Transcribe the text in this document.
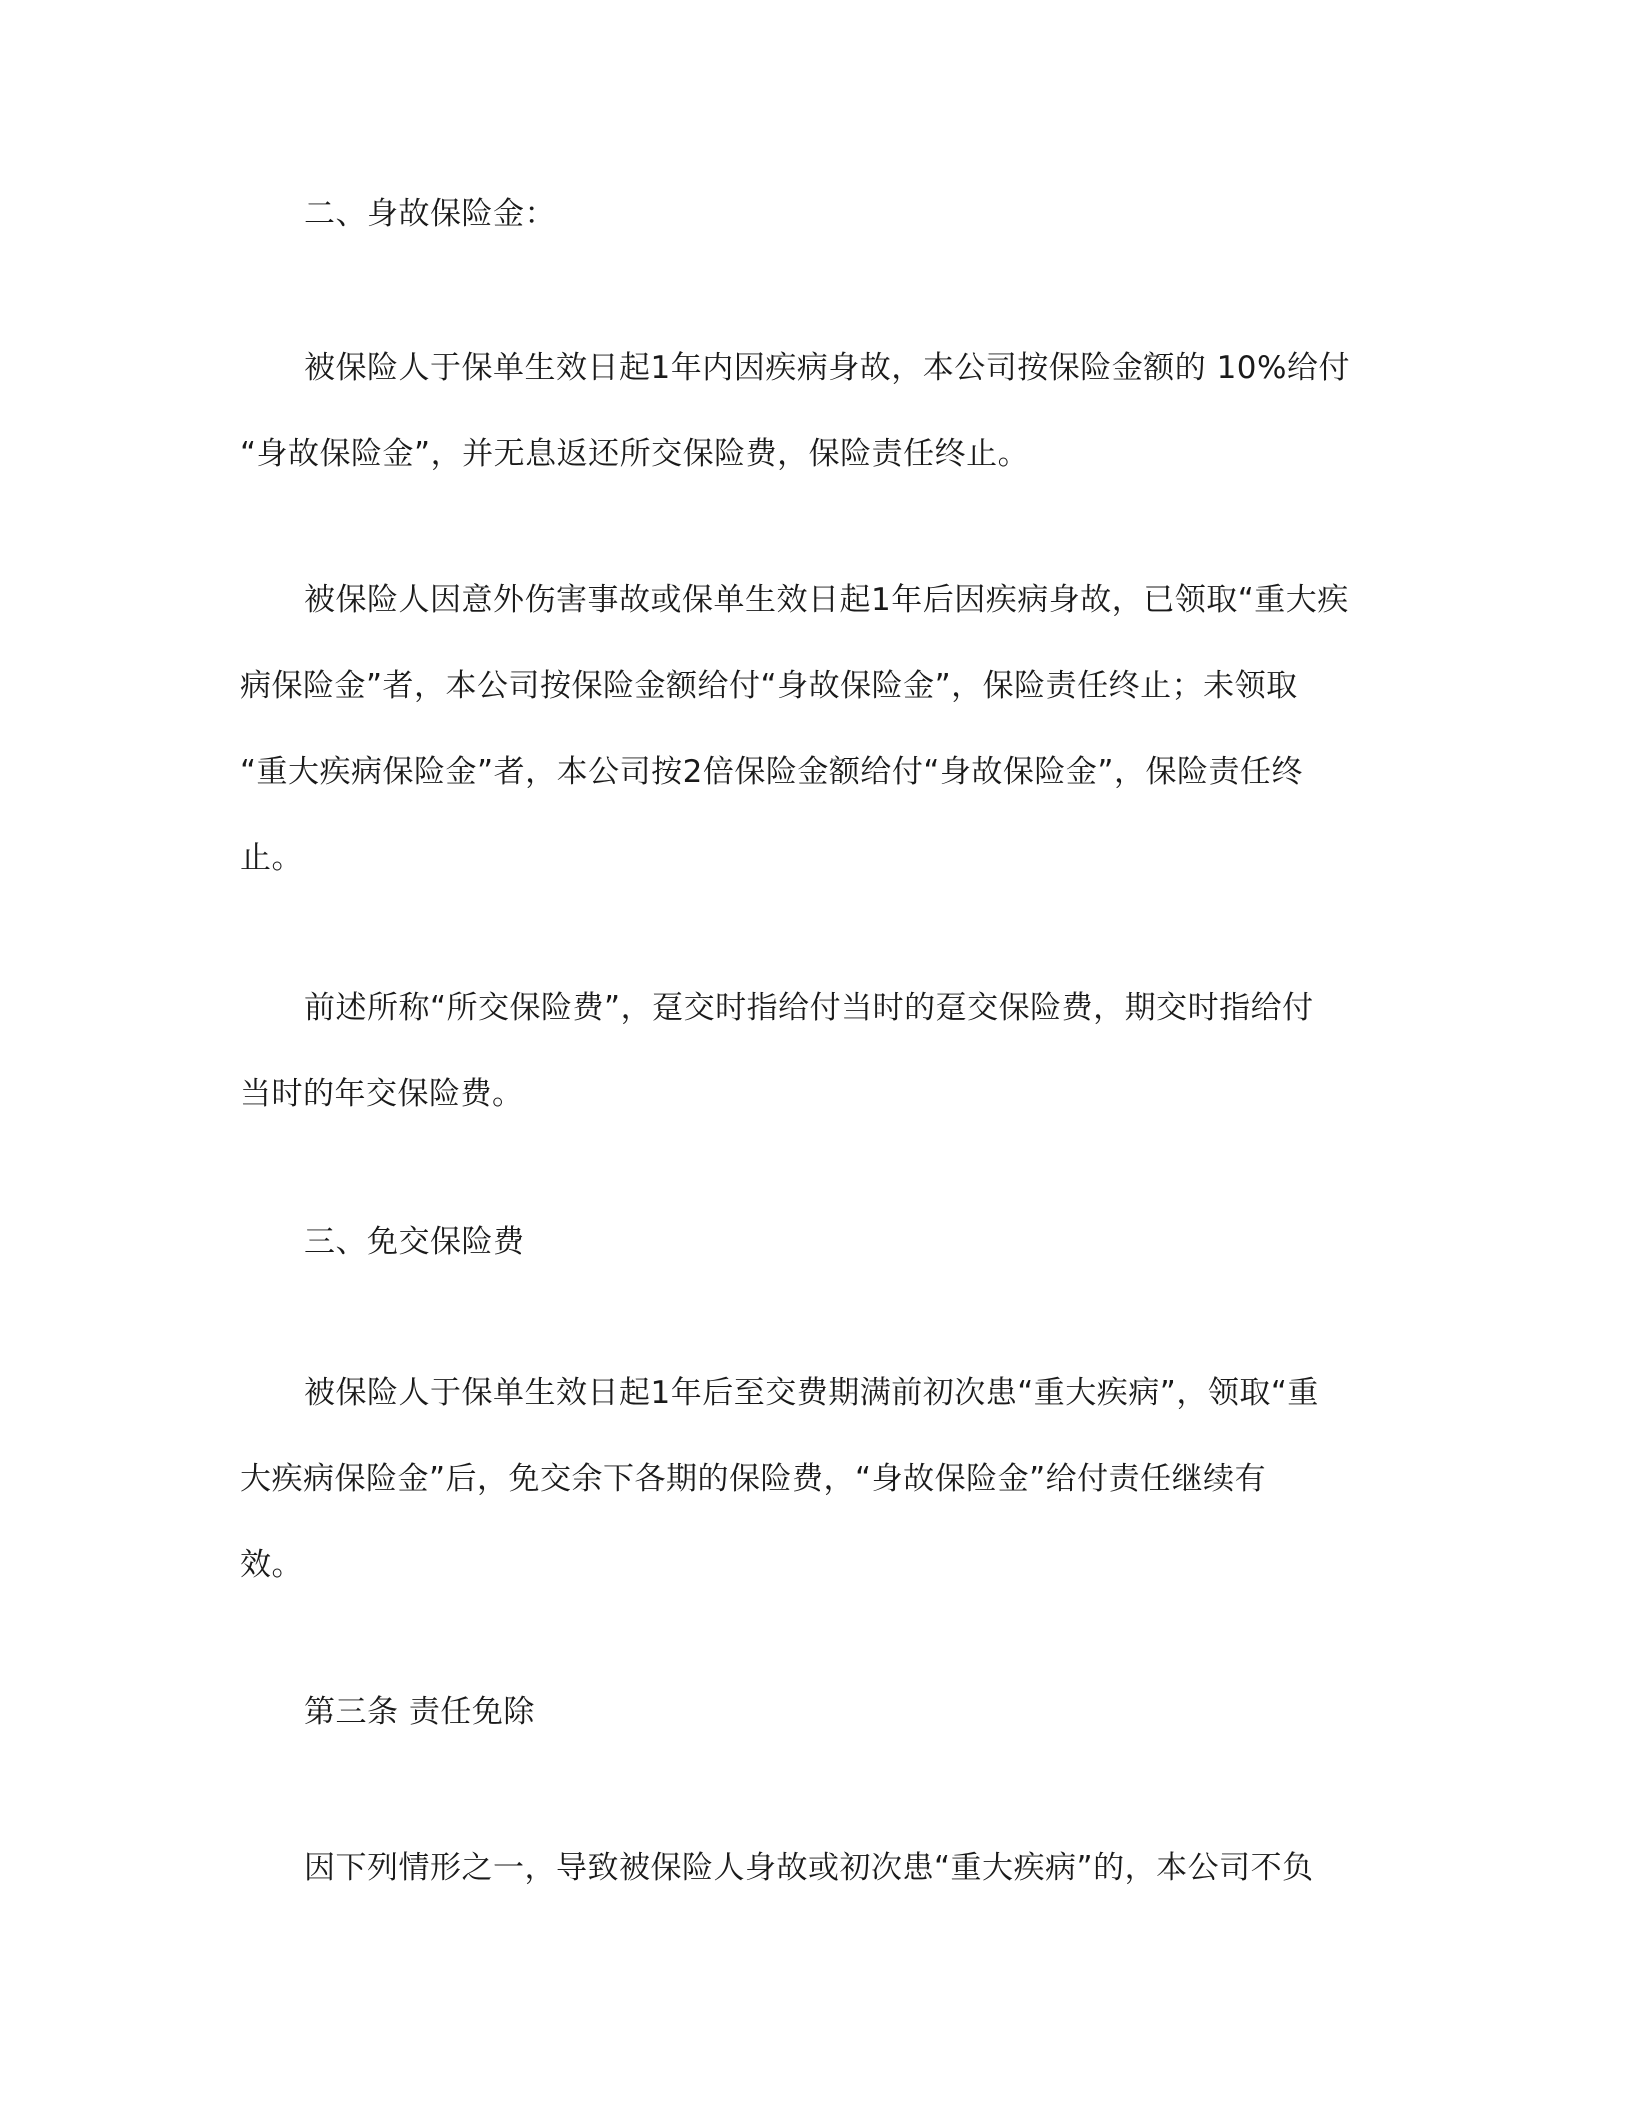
二、身故保险金：
被保险人于保单生效日起1年内因疾病身故，本公司按保险金额的 10%给付
“身故保险金”，并无息返还所交保险费，保险责任终止。
被保险人因意外伤害事故或保单生效日起1年后因疾病身故，已领取“重大疾
病保险金”者，本公司按保险金额给付“身故保险金”，保险责任终止；未领取
“重大疾病保险金”者，本公司按2倍保险金额给付“身故保险金”，保险责任终
止。
前述所称“所交保险费”，趸交时指给付当时的趸交保险费，期交时指给付
当时的年交保险费。
三、免交保险费
被保险人于保单生效日起1年后至交费期满前初次患“重大疾病”，领取“重
大疾病保险金”后，免交余下各期的保险费，“身故保险金”给付责任继续有
效。
第三条 责任免除
因下列情形之一，导致被保险人身故或初次患“重大疾病”的，本公司不负
